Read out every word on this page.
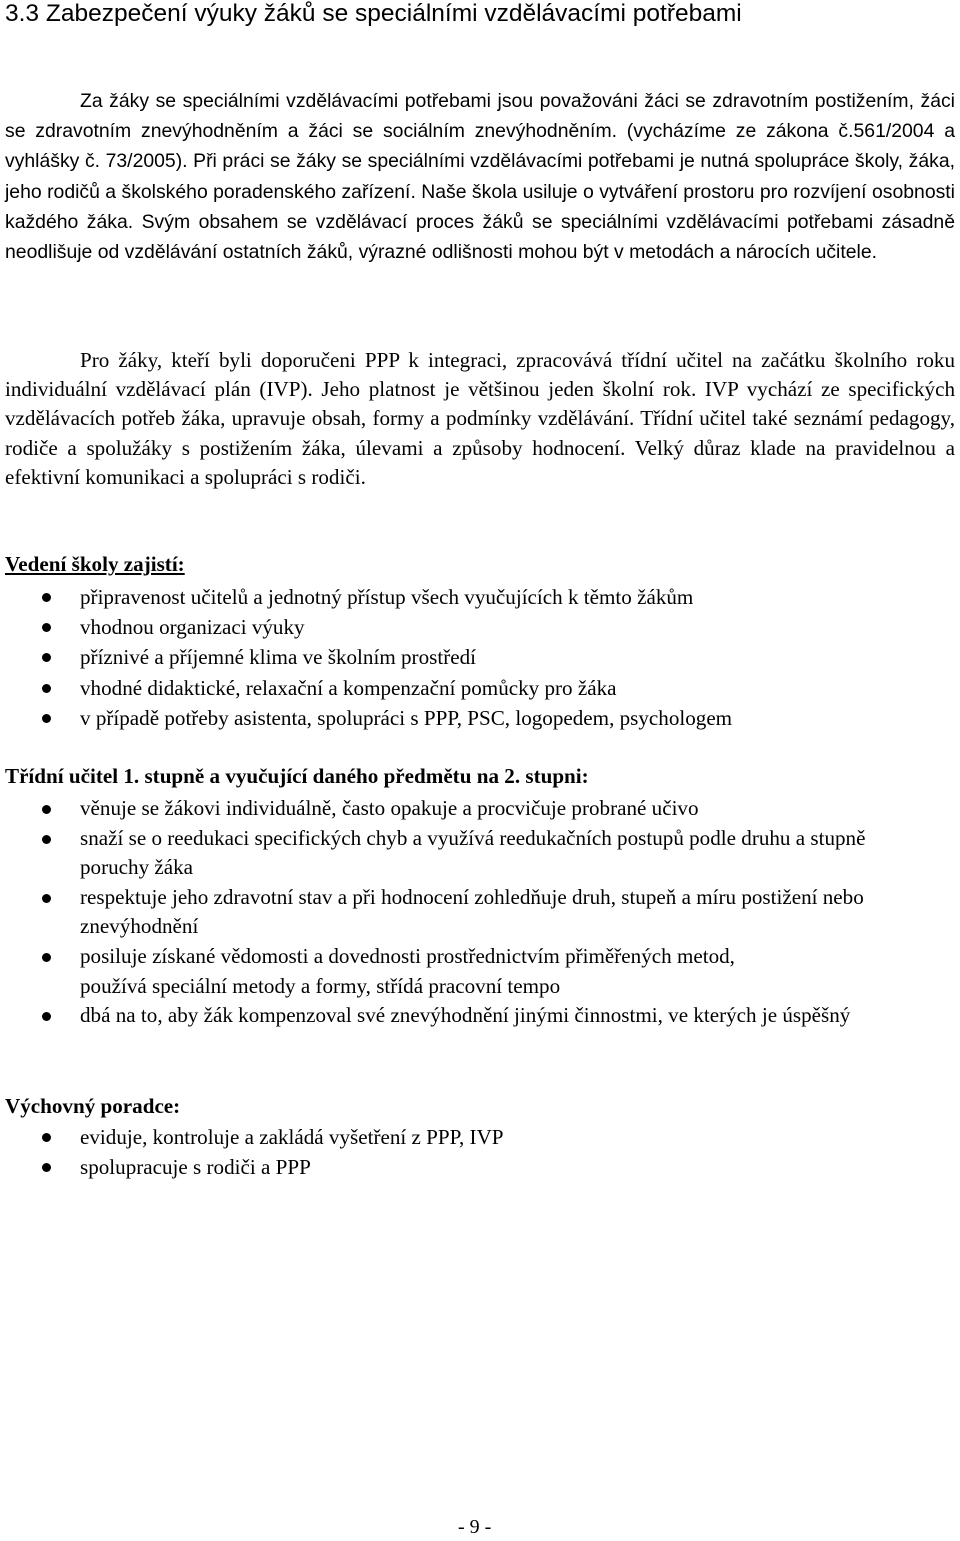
3.3 Zabezpečení výuky žáků se speciálními vzdělávacími potřebami

Za žáky se speciálními vzdělávacími potřebami jsou považováni žáci se zdravotním postižením, žáci se zdravotním znevýhodněním a žáci se sociálním znevýhodněním. (vycházíme ze zákona č.561/2004 a vyhlášky č. 73/2005). Při práci se žáky se speciálními vzdělávacími potřebami je nutná spolupráce školy, žáka, jeho rodičů a školského poradenského zařízení. Naše škola usiluje o vytváření prostoru pro rozvíjení osobnosti každého žáka. Svým obsahem se vzdělávací proces žáků se speciálními vzdělávacími potřebami zásadně neodlišuje od vzdělávání ostatních žáků, výrazné odlišnosti mohou být v metodách a nárocích učitele.

Pro žáky, kteří byli doporučeni PPP k integraci, zpracovává třídní učitel na začátku školního roku individuální vzdělávací plán (IVP). Jeho platnost je většinou jeden školní rok. IVP vychází ze specifických vzdělávacích potřeb žáka, upravuje obsah, formy a podmínky vzdělávání. Třídní učitel také seznámí pedagogy, rodiče a spolužáky s postižením žáka, úlevami a způsoby hodnocení. Velký důraz klade na pravidelnou a efektivní komunikaci a spolupráci s rodiči.

Vedení školy zajistí:

připravenost učitelů a jednotný přístup všech vyučujících k těmto žákům
vhodnou organizaci výuky
příznivé a příjemné klima ve školním prostředí
vhodné didaktické, relaxační a kompenzační pomůcky pro žáka
v případě potřeby asistenta, spolupráci s PPP, PSC, logopedem, psychologem

Třídní učitel 1. stupně a vyučující daného předmětu na 2. stupni:

věnuje se žákovi individuálně, často opakuje a procvičuje probrané učivo
snaží se o reedukaci specifických chyb a využívá reedukačních postupů podle druhu a stupně poruchy žáka
respektuje jeho zdravotní stav a při hodnocení zohledňuje druh, stupeň a míru postižení nebo znevýhodnění
posiluje získané vědomosti a dovednosti prostřednictvím přiměřených metod, používá speciální metody a formy, střídá pracovní tempo
dbá na to, aby žák kompenzoval své znevýhodnění jinými činnostmi, ve kterých je úspěšný

Výchovný poradce:

eviduje, kontroluje a zakládá vyšetření z PPP, IVP
spolupracuje s rodiči a PPP
- 9 -
